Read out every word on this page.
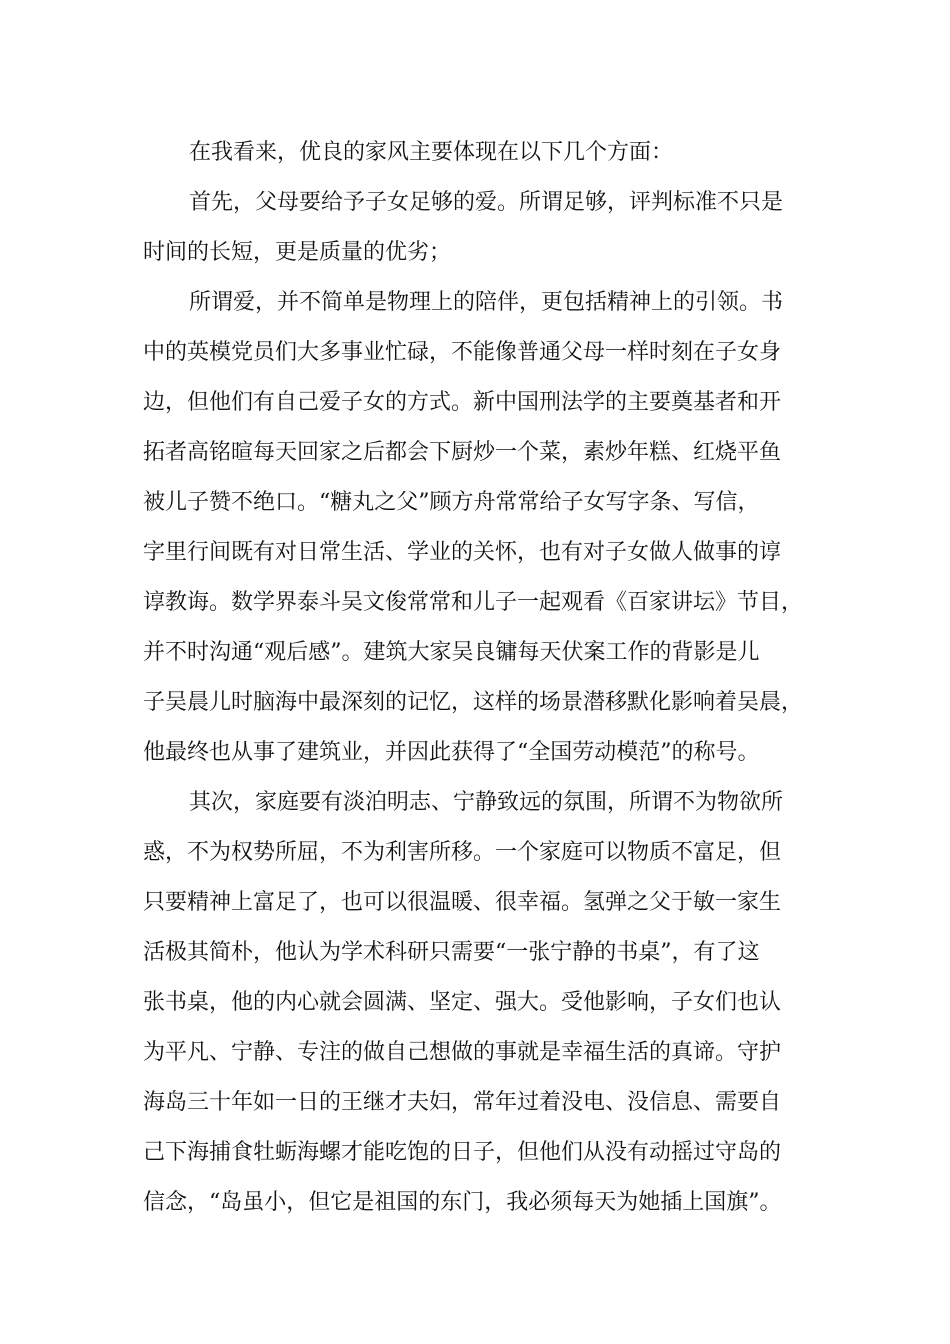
在我看来，优良的家风主要体现在以下几个方面：
首先，父母要给予子女足够的爱。所谓足够，评判标准不只是
时间的长短，更是质量的优劣；
所谓爱，并不简单是物理上的陪伴，更包括精神上的引领。书
中的英模党员们大多事业忙碌，不能像普通父母一样时刻在子女身
边，但他们有自己爱子女的方式。新中国刑法学的主要奠基者和开
拓者高铭暄每天回家之后都会下厨炒一个菜，素炒年糕、红烧平鱼
被儿子赞不绝口。“糖丸之父”顾方舟常常给子女写字条、写信，
字里行间既有对日常生活、学业的关怀，也有对子女做人做事的谆
谆教诲。数学界泰斗吴文俊常常和儿子一起观看《百家讲坛》节目，
并不时沟通“观后感”。建筑大家吴良镛每天伏案工作的背影是儿
子吴晨儿时脑海中最深刻的记忆，这样的场景潜移默化影响着吴晨，
他最终也从事了建筑业，并因此获得了“全国劳动模范”的称号。
其次，家庭要有淡泊明志、宁静致远的氛围，所谓不为物欲所
惑，不为权势所屈，不为利害所移。一个家庭可以物质不富足，但
只要精神上富足了，也可以很温暖、很幸福。氢弹之父于敏一家生
活极其简朴，他认为学术科研只需要“一张宁静的书桌”，有了这
张书桌，他的内心就会圆满、坚定、强大。受他影响，子女们也认
为平凡、宁静、专注的做自己想做的事就是幸福生活的真谛。守护
海岛三十年如一日的王继才夫妇，常年过着没电、没信息、需要自
己下海捕食牡蛎海螺才能吃饱的日子，但他们从没有动摇过守岛的
信念，“岛虽小，但它是祖国的东门，我必须每天为她插上国旗”。
